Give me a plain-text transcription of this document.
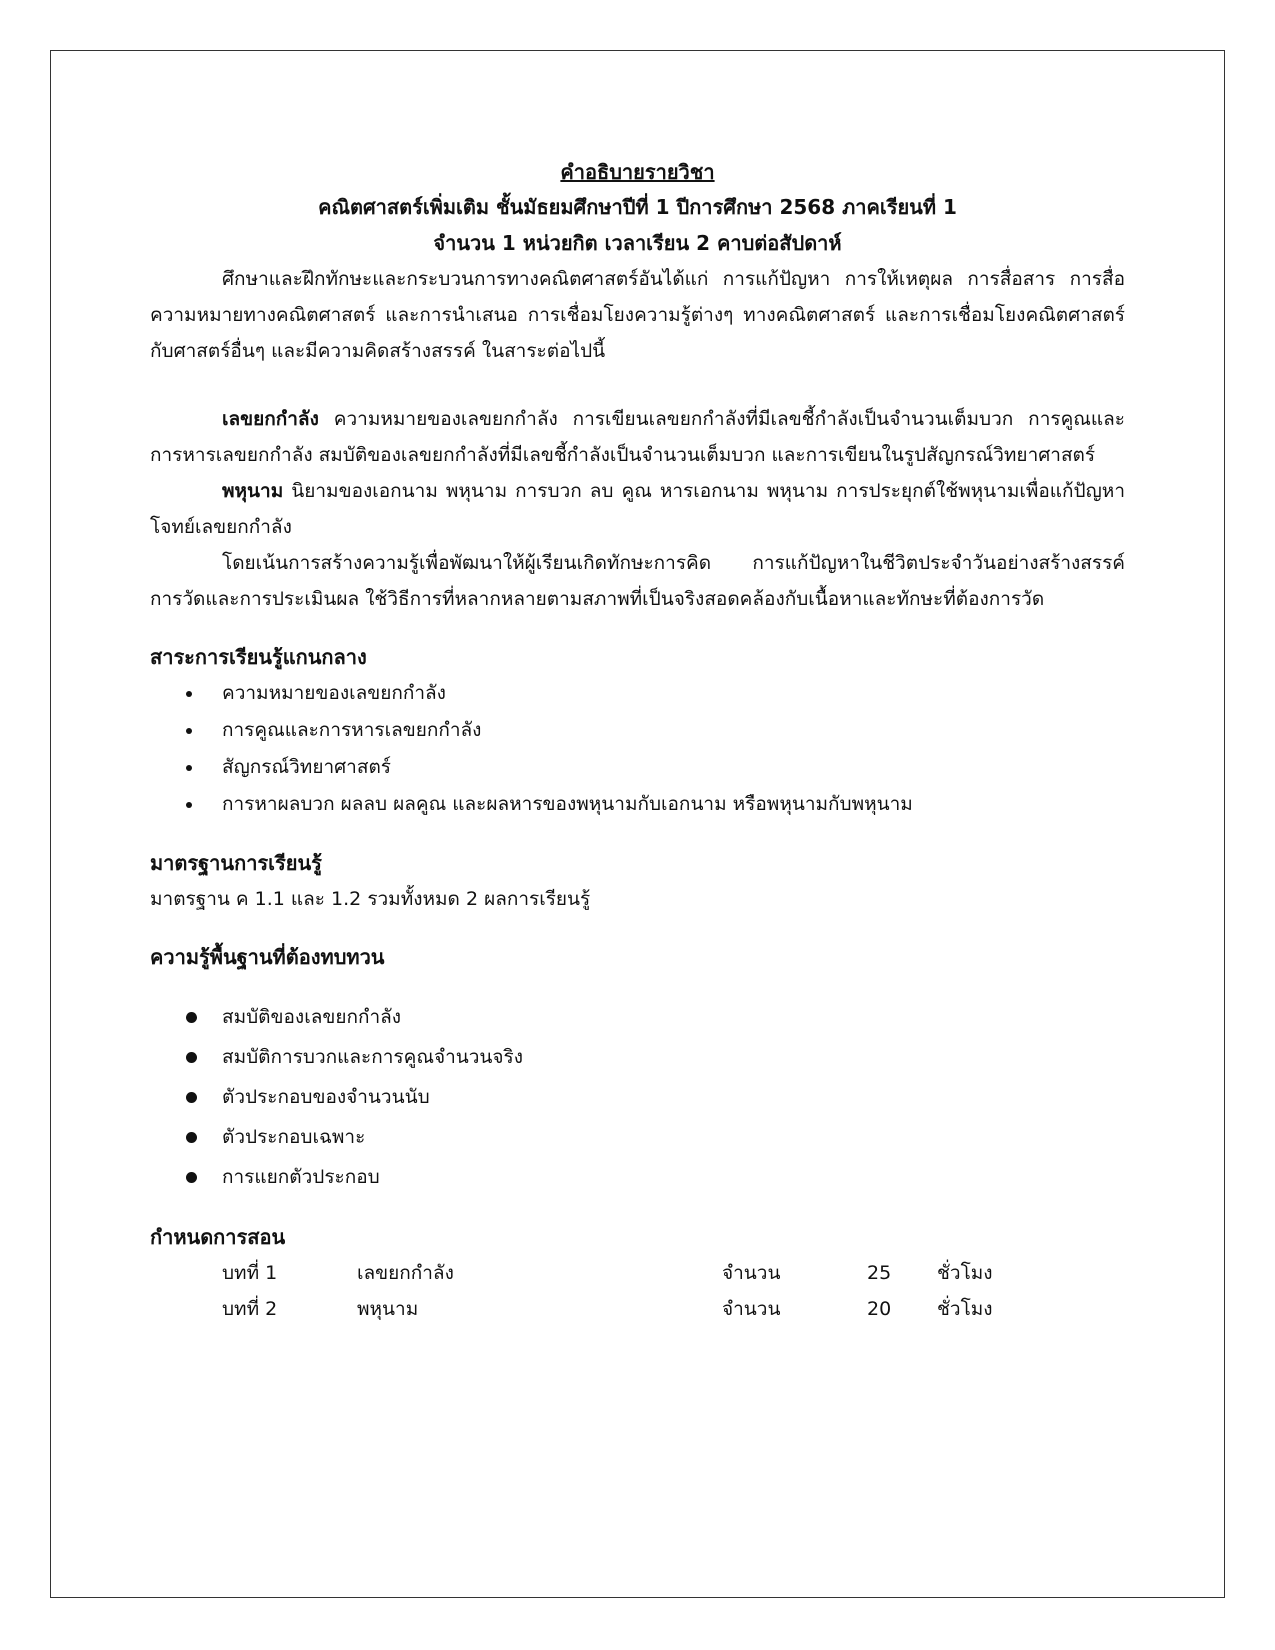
คำอธิบายรายวิชา

คณิตศาสตร์เพิ่มเติม ชั้นมัธยมศึกษาปีที่ 1 ปีการศึกษา 2568 ภาคเรียนที่ 1

จำนวน 1 หน่วยกิต เวลาเรียน 2 คาบต่อสัปดาห์

ศึกษาและฝึกทักษะและกระบวนการทางคณิตศาสตร์อันได้แก่ การแก้ปัญหา การให้เหตุผล การสื่อสาร การสื่อความหมายทางคณิตศาสตร์ และการนำเสนอ การเชื่อมโยงความรู้ต่างๆ ทางคณิตศาสตร์ และการเชื่อมโยงคณิตศาสตร์กับศาสตร์อื่นๆ และมีความคิดสร้างสรรค์ ในสาระต่อไปนี้

เลขยกกำลัง ความหมายของเลขยกกำลัง การเขียนเลขยกกำลังที่มีเลขชี้กำลังเป็นจำนวนเต็มบวก การคูณและการหารเลขยกกำลัง สมบัติของเลขยกกำลังที่มีเลขชี้กำลังเป็นจำนวนเต็มบวก และการเขียนในรูปสัญกรณ์วิทยาศาสตร์

พหุนาม นิยามของเอกนาม พหุนาม การบวก ลบ คูณ หารเอกนาม พหุนาม การประยุกต์ใช้พหุนามเพื่อแก้ปัญหาโจทย์เลขยกกำลัง

โดยเน้นการสร้างความรู้เพื่อพัฒนาให้ผู้เรียนเกิดทักษะการคิด การแก้ปัญหาในชีวิตประจำวันอย่างสร้างสรรค์ การวัดและการประเมินผล ใช้วิธีการที่หลากหลายตามสภาพที่เป็นจริงสอดคล้องกับเนื้อหาและทักษะที่ต้องการวัด

สาระการเรียนรู้แกนกลาง

ความหมายของเลขยกกำลัง
การคูณและการหารเลขยกกำลัง
สัญกรณ์วิทยาศาสตร์
การหาผลบวก ผลลบ ผลคูณ และผลหารของพหุนามกับเอกนาม หรือพหุนามกับพหุนาม

มาตรฐานการเรียนรู้

มาตรฐาน ค 1.1 และ 1.2 รวมทั้งหมด 2 ผลการเรียนรู้

ความรู้พื้นฐานที่ต้องทบทวน

สมบัติของเลขยกกำลัง
สมบัติการบวกและการคูณจำนวนจริง
ตัวประกอบของจำนวนนับ
ตัวประกอบเฉพาะ
การแยกตัวประกอบ

กำหนดการสอน

บทที่ 1	เลขยกกำลัง	จำนวน	25	ชั่วโมง
บทที่ 2	พหุนาม	จำนวน	20	ชั่วโมง
